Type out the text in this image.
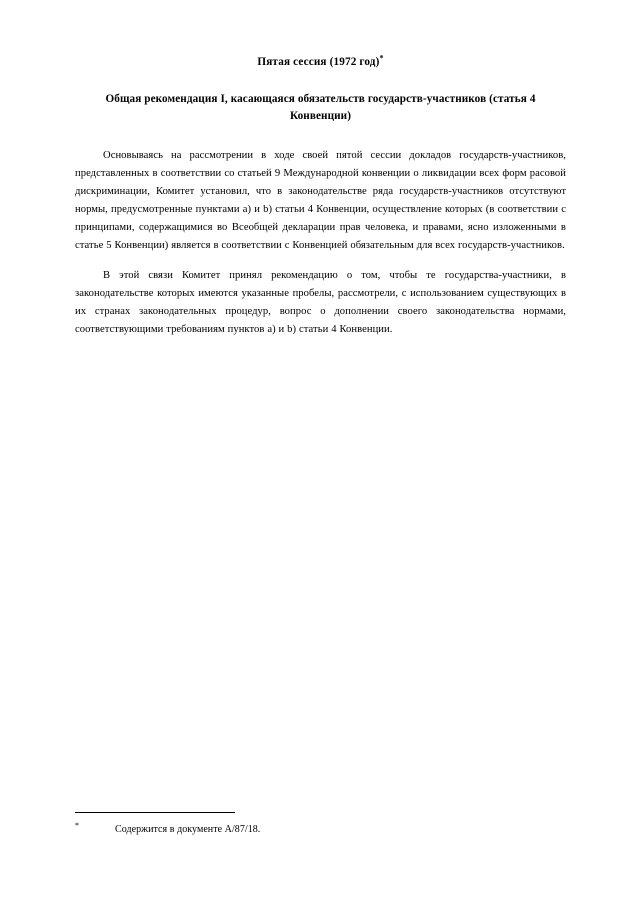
Пятая сессия (1972 год)*
Общая рекомендация I, касающаяся обязательств государств-участников (статья 4 Конвенции)

Основываясь на рассмотрении в ходе своей пятой сессии докладов государств-участников, представленных в соответствии со статьей 9 Международной конвенции о ликвидации всех форм расовой дискриминации, Комитет установил, что в законодательстве ряда государств-участников отсутствуют нормы, предусмотренные пунктами a) и b) статьи 4 Конвенции, осуществление которых (в соответствии с принципами, содержащимися во Всеобщей декларации прав человека, и правами, ясно изложенными в статье 5 Конвенции) является в соответствии с Конвенцией обязательным для всех государств-участников.

В этой связи Комитет принял рекомендацию о том, чтобы те государства-участники, в законодательстве которых имеются указанные пробелы, рассмотрели, с использованием существующих в их странах законодательных процедур, вопрос о дополнении своего законодательства нормами, соответствующими требованиям пунктов a) и b) статьи 4 Конвенции.

*	Содержится в документе A/87/18.
